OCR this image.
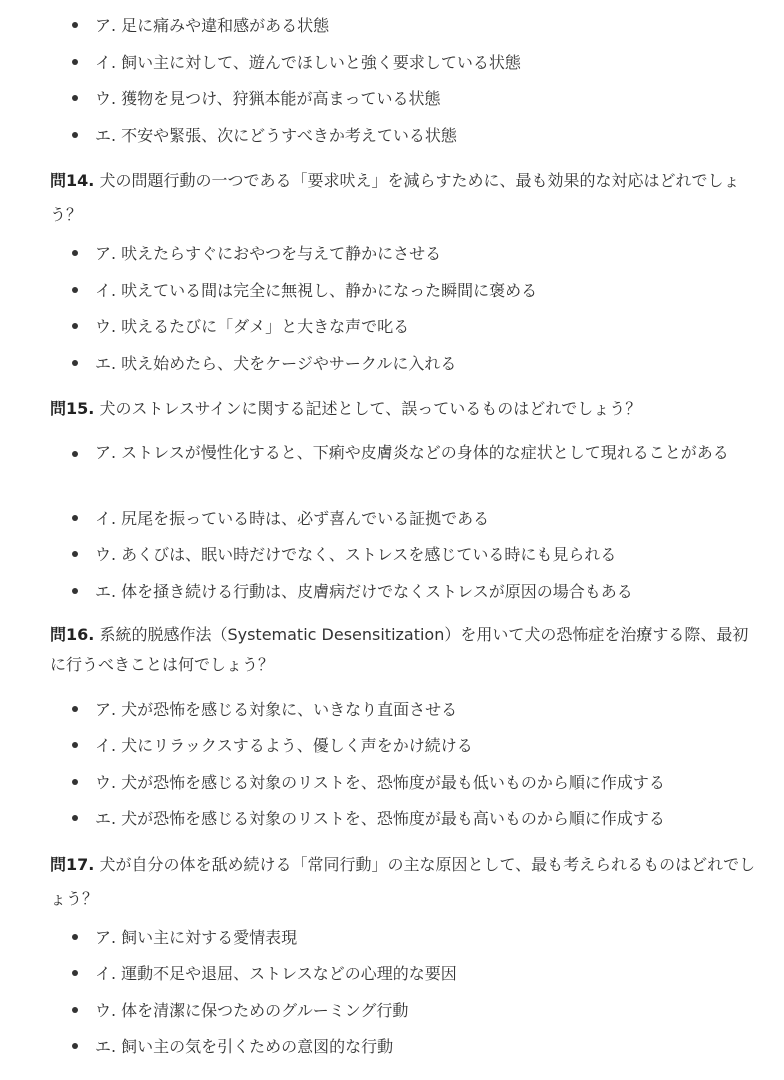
ア. 足に痛みや違和感がある状態
イ. 飼い主に対して、遊んでほしいと強く要求している状態
ウ. 獲物を見つけ、狩猟本能が高まっている状態
エ. 不安や緊張、次にどうすべきか考えている状態
問14. 犬の問題行動の一つである「要求吠え」を減らすために、最も効果的な対応はどれでしょう？
ア. 吠えたらすぐにおやつを与えて静かにさせる
イ. 吠えている間は完全に無視し、静かになった瞬間に褒める
ウ. 吠えるたびに「ダメ」と大きな声で叱る
エ. 吠え始めたら、犬をケージやサークルに入れる
問15. 犬のストレスサインに関する記述として、誤っているものはどれでしょう？
ア. ストレスが慢性化すると、下痢や皮膚炎などの身体的な症状として現れることがある
イ. 尻尾を振っている時は、必ず喜んでいる証拠である
ウ. あくびは、眠い時だけでなく、ストレスを感じている時にも見られる
エ. 体を掻き続ける行動は、皮膚病だけでなくストレスが原因の場合もある
問16. 系統的脱感作法（Systematic Desensitization）を用いて犬の恐怖症を治療する際、最初に行うべきことは何でしょう？
ア. 犬が恐怖を感じる対象に、いきなり直面させる
イ. 犬にリラックスするよう、優しく声をかけ続ける
ウ. 犬が恐怖を感じる対象のリストを、恐怖度が最も低いものから順に作成する
エ. 犬が恐怖を感じる対象のリストを、恐怖度が最も高いものから順に作成する
問17. 犬が自分の体を舐め続ける「常同行動」の主な原因として、最も考えられるものはどれでしょう？
ア. 飼い主に対する愛情表現
イ. 運動不足や退屈、ストレスなどの心理的な要因
ウ. 体を清潔に保つためのグルーミング行動
エ. 飼い主の気を引くための意図的な行動
